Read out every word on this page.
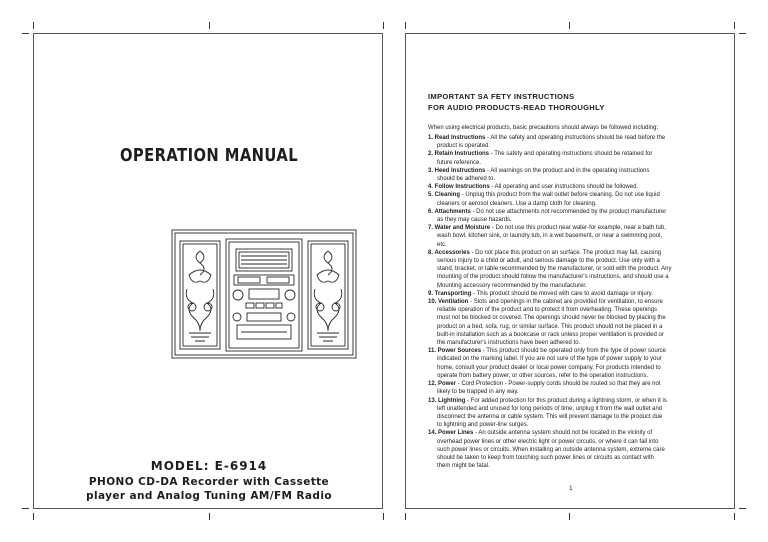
OPERATION MANUAL
MODEL: E-6914
PHONO CD-DA Recorder with Cassette
player and Analog Tuning AM/FM Radio
IMPORTANT SA FETY INSTRUCTIONS
FOR AUDIO PRODUCTS-READ THOROUGHLY
When using electrical products, basic precautions should always be followed including:
1. Read Instructions - All the safety and operating instructions should be read before the
product is operated.
2. Retain Instructions - The safety and operating instructions should be retained for
future reference.
3. Heed Instructions - All warnings on the product and in the operating instructions
should be adhered to.
4. Follow Instructions - All operating and user instructions should be followed.
5. Cleaning - Unplug this product from the wall outlet before cleaning. Do not use liquid
cleaners or aerosol cleaners. Use a damp cloth for cleaning.
6. Attachments - Do not use attachments not recommended by the product manufacturer
as they may cause hazards.
7. Water and Moisture - Do not use this product near water-for example, near a bath tub,
wash bowl, kitchen sink, or laundry tub, in a wet basement, or near a swimming pool,
etc.
8. Accessories - Do not place this product on an surface. The product may fall, causing
serious injury to a child or adult, and serious damage to the product. Use only with a
stand, bracket, or table recommended by the manufacturer, or sold with the product. Any
mounting of the product should follow the manufacturer's instructions, and should use a
Mounting accessory recommended by the manufacturer.
9. Transporting - This product should be moved with care to avoid damage or injury.
10. Ventilation - Slots and openings in the cabinet are provided for ventilation, to ensure
reliable operation of the product and to protect it from overheating. These openings
must not be blocked or covered. The openings should never be blocked by placing the
product on a bed, sofa, rug, or similar surface. This product should not be placed in a
built-in installation such as a bookcase or rack unless proper ventilation is provided or
the manufacturer's instructions have been adhered to.
11. Power Sources - This product should be operated only from the type of power source
indicated on the marking label. If you are not sure of the type of power supply to your
home, consult your product dealer or local power company. For products intended to
operate from battery power, or other sources, refer to the operation instructions.
12. Power - Cord Protection - Power-supply cords should be routed so that they are not
likely to be trapped in any way.
13. Lightning - For added protection for this product during a lightning storm, or when it is
left unattended and unused for long periods of time, unplug it from the wall outlet and
disconnect the antenna or cable system. This will prevent damage to the product due
to lightning and power-line surges.
14. Power Lines - An outside antenna system should not be located in the vicinity of
overhead power lines or other electric light or power circuits, or where it can fall into
such power lines or circuits. When installing an outside antenna system, extreme care
should be taken to keep from touching such power lines or circuits as contact with
them might be fatal.
1
